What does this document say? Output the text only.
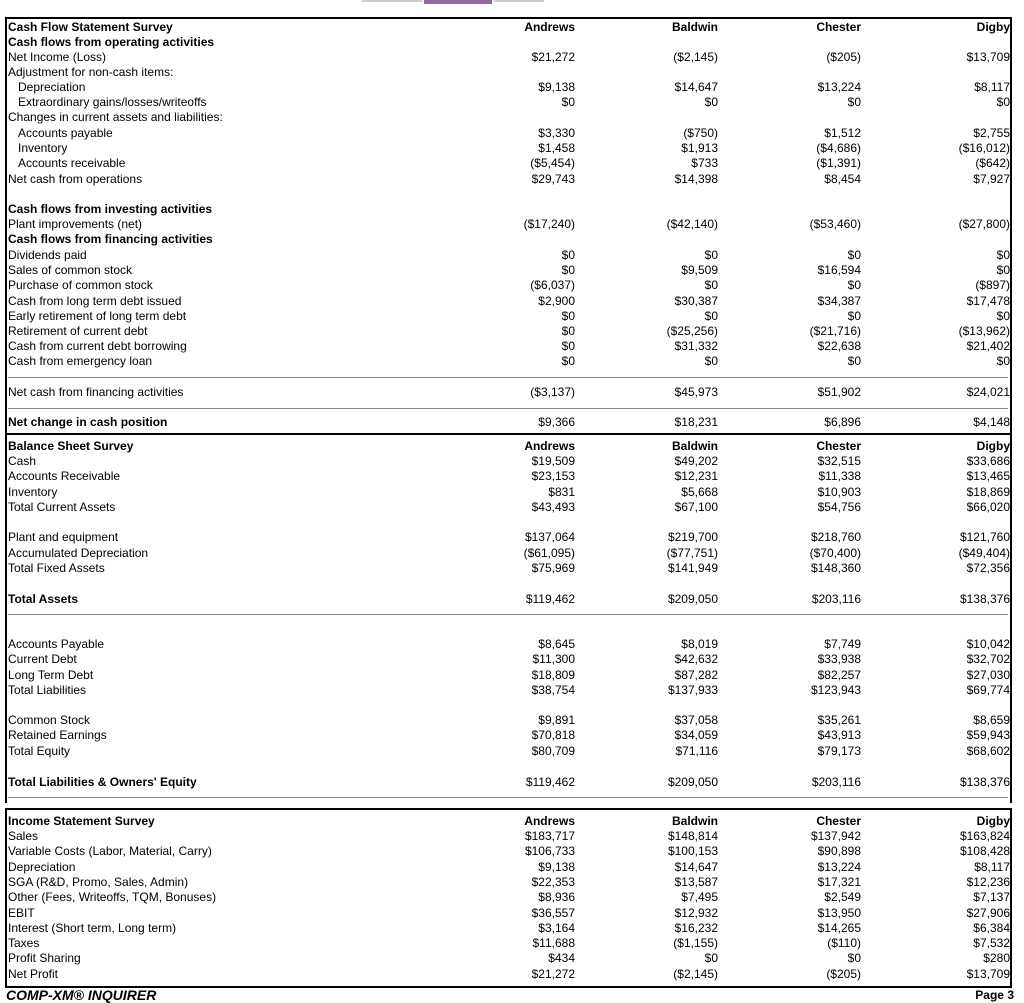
Cash Flow Statement Survey	Andrews	Baldwin	Chester	Digby
Cash flows from operating activities
Net Income (Loss)	$21,272	($2,145)	($205)	$13,709
Adjustment for non-cash items:
Depreciation	$9,138	$14,647	$13,224	$8,117
Extraordinary gains/losses/writeoffs	$0	$0	$0	$0
Changes in current assets and liabilities:
Accounts payable	$3,330	($750)	$1,512	$2,755
Inventory	$1,458	$1,913	($4,686)	($16,012)
Accounts receivable	($5,454)	$733	($1,391)	($642)
Net cash from operations	$29,743	$14,398	$8,454	$7,927
Cash flows from investing activities
Plant improvements (net)	($17,240)	($42,140)	($53,460)	($27,800)
Cash flows from financing activities
Dividends paid	$0	$0	$0	$0
Sales of common stock	$0	$9,509	$16,594	$0
Purchase of common stock	($6,037)	$0	$0	($897)
Cash from long term debt issued	$2,900	$30,387	$34,387	$17,478
Early retirement of long term debt	$0	$0	$0	$0
Retirement of current debt	$0	($25,256)	($21,716)	($13,962)
Cash from current debt borrowing	$0	$31,332	$22,638	$21,402
Cash from emergency loan	$0	$0	$0	$0
Net cash from financing activities	($3,137)	$45,973	$51,902	$24,021
Net change in cash position	$9,366	$18,231	$6,896	$4,148
Balance Sheet Survey	Andrews	Baldwin	Chester	Digby
Cash	$19,509	$49,202	$32,515	$33,686
Accounts Receivable	$23,153	$12,231	$11,338	$13,465
Inventory	$831	$5,668	$10,903	$18,869
Total Current Assets	$43,493	$67,100	$54,756	$66,020
Plant and equipment	$137,064	$219,700	$218,760	$121,760
Accumulated Depreciation	($61,095)	($77,751)	($70,400)	($49,404)
Total Fixed Assets	$75,969	$141,949	$148,360	$72,356
Total Assets	$119,462	$209,050	$203,116	$138,376
Accounts Payable	$8,645	$8,019	$7,749	$10,042
Current Debt	$11,300	$42,632	$33,938	$32,702
Long Term Debt	$18,809	$87,282	$82,257	$27,030
Total Liabilities	$38,754	$137,933	$123,943	$69,774
Common Stock	$9,891	$37,058	$35,261	$8,659
Retained Earnings	$70,818	$34,059	$43,913	$59,943
Total Equity	$80,709	$71,116	$79,173	$68,602
Total Liabilities & Owners' Equity	$119,462	$209,050	$203,116	$138,376
Income Statement Survey	Andrews	Baldwin	Chester	Digby
Sales	$183,717	$148,814	$137,942	$163,824
Variable Costs (Labor, Material, Carry)	$106,733	$100,153	$90,898	$108,428
Depreciation	$9,138	$14,647	$13,224	$8,117
SGA (R&D, Promo, Sales, Admin)	$22,353	$13,587	$17,321	$12,236
Other (Fees, Writeoffs, TQM, Bonuses)	$8,936	$7,495	$2,549	$7,137
EBIT	$36,557	$12,932	$13,950	$27,906
Interest (Short term, Long term)	$3,164	$16,232	$14,265	$6,384
Taxes	$11,688	($1,155)	($110)	$7,532
Profit Sharing	$434	$0	$0	$280
Net Profit	$21,272	($2,145)	($205)	$13,709
COMP-XM® INQUIRER	Page 3
